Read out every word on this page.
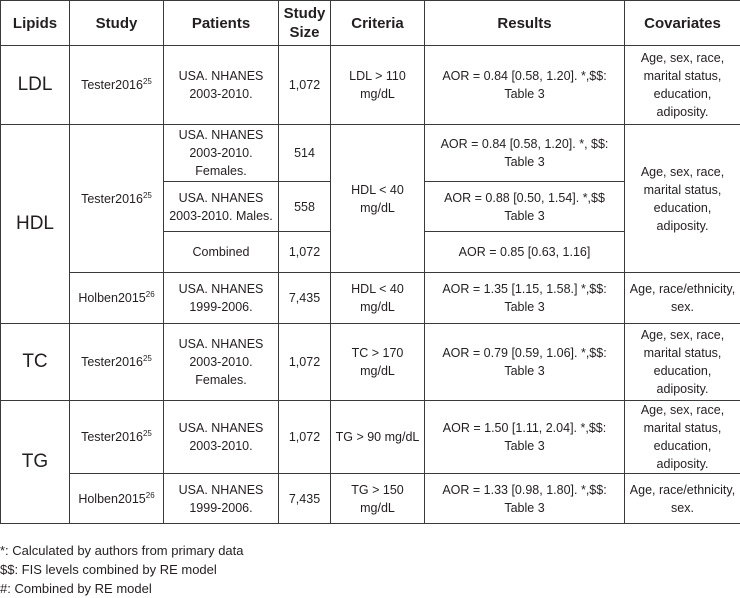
Lipids	Study	Patients	Study Size	Criteria	Results	Covariates
LDL	Tester2016$^{25}$	USA. NHANES 2003-2010.	1,072	LDL > 110 mg/dL	AOR = 0.84 [0.58, 1.20]. *,$$: Table 3	Age, sex, race, marital status, education, adiposity.
HDL	Tester2016$^{25}$	USA. NHANES 2003-2010. Females.	514	HDL < 40 mg/dL	AOR = 0.84 [0.58, 1.20]. *, $$: Table 3	Age, sex, race, marital status, education, adiposity.
		USA. NHANES 2003-2010. Males.	558		AOR = 0.88 [0.50, 1.54]. *,$$ Table 3	
		Combined	1,072		AOR = 0.85 [0.63, 1.16]	
	Holben2015$^{26}$	USA. NHANES 1999-2006.	7,435	HDL < 40 mg/dL	AOR = 1.35 [1.15, 1.58.] *,$$: Table 3	Age, race/ethnicity, sex.
TC	Tester2016$^{25}$	USA. NHANES 2003-2010. Females.	1,072	TC > 170 mg/dL	AOR = 0.79 [0.59, 1.06]. *,$$: Table 3	Age, sex, race, marital status, education, adiposity.
TG	Tester2016$^{25}$	USA. NHANES 2003-2010.	1,072	TG > 90 mg/dL	AOR = 1.50 [1.11, 2.04]. *,$$: Table 3	Age, sex, race, marital status, education, adiposity.
	Holben2015$^{26}$	USA. NHANES 1999-2006.	7,435	TG > 150 mg/dL	AOR = 1.33 [0.98, 1.80]. *,$$: Table 3	Age, race/ethnicity, sex.
*: Calculated by authors from primary data
$$: FIS levels combined by RE model
#: Combined by RE model
